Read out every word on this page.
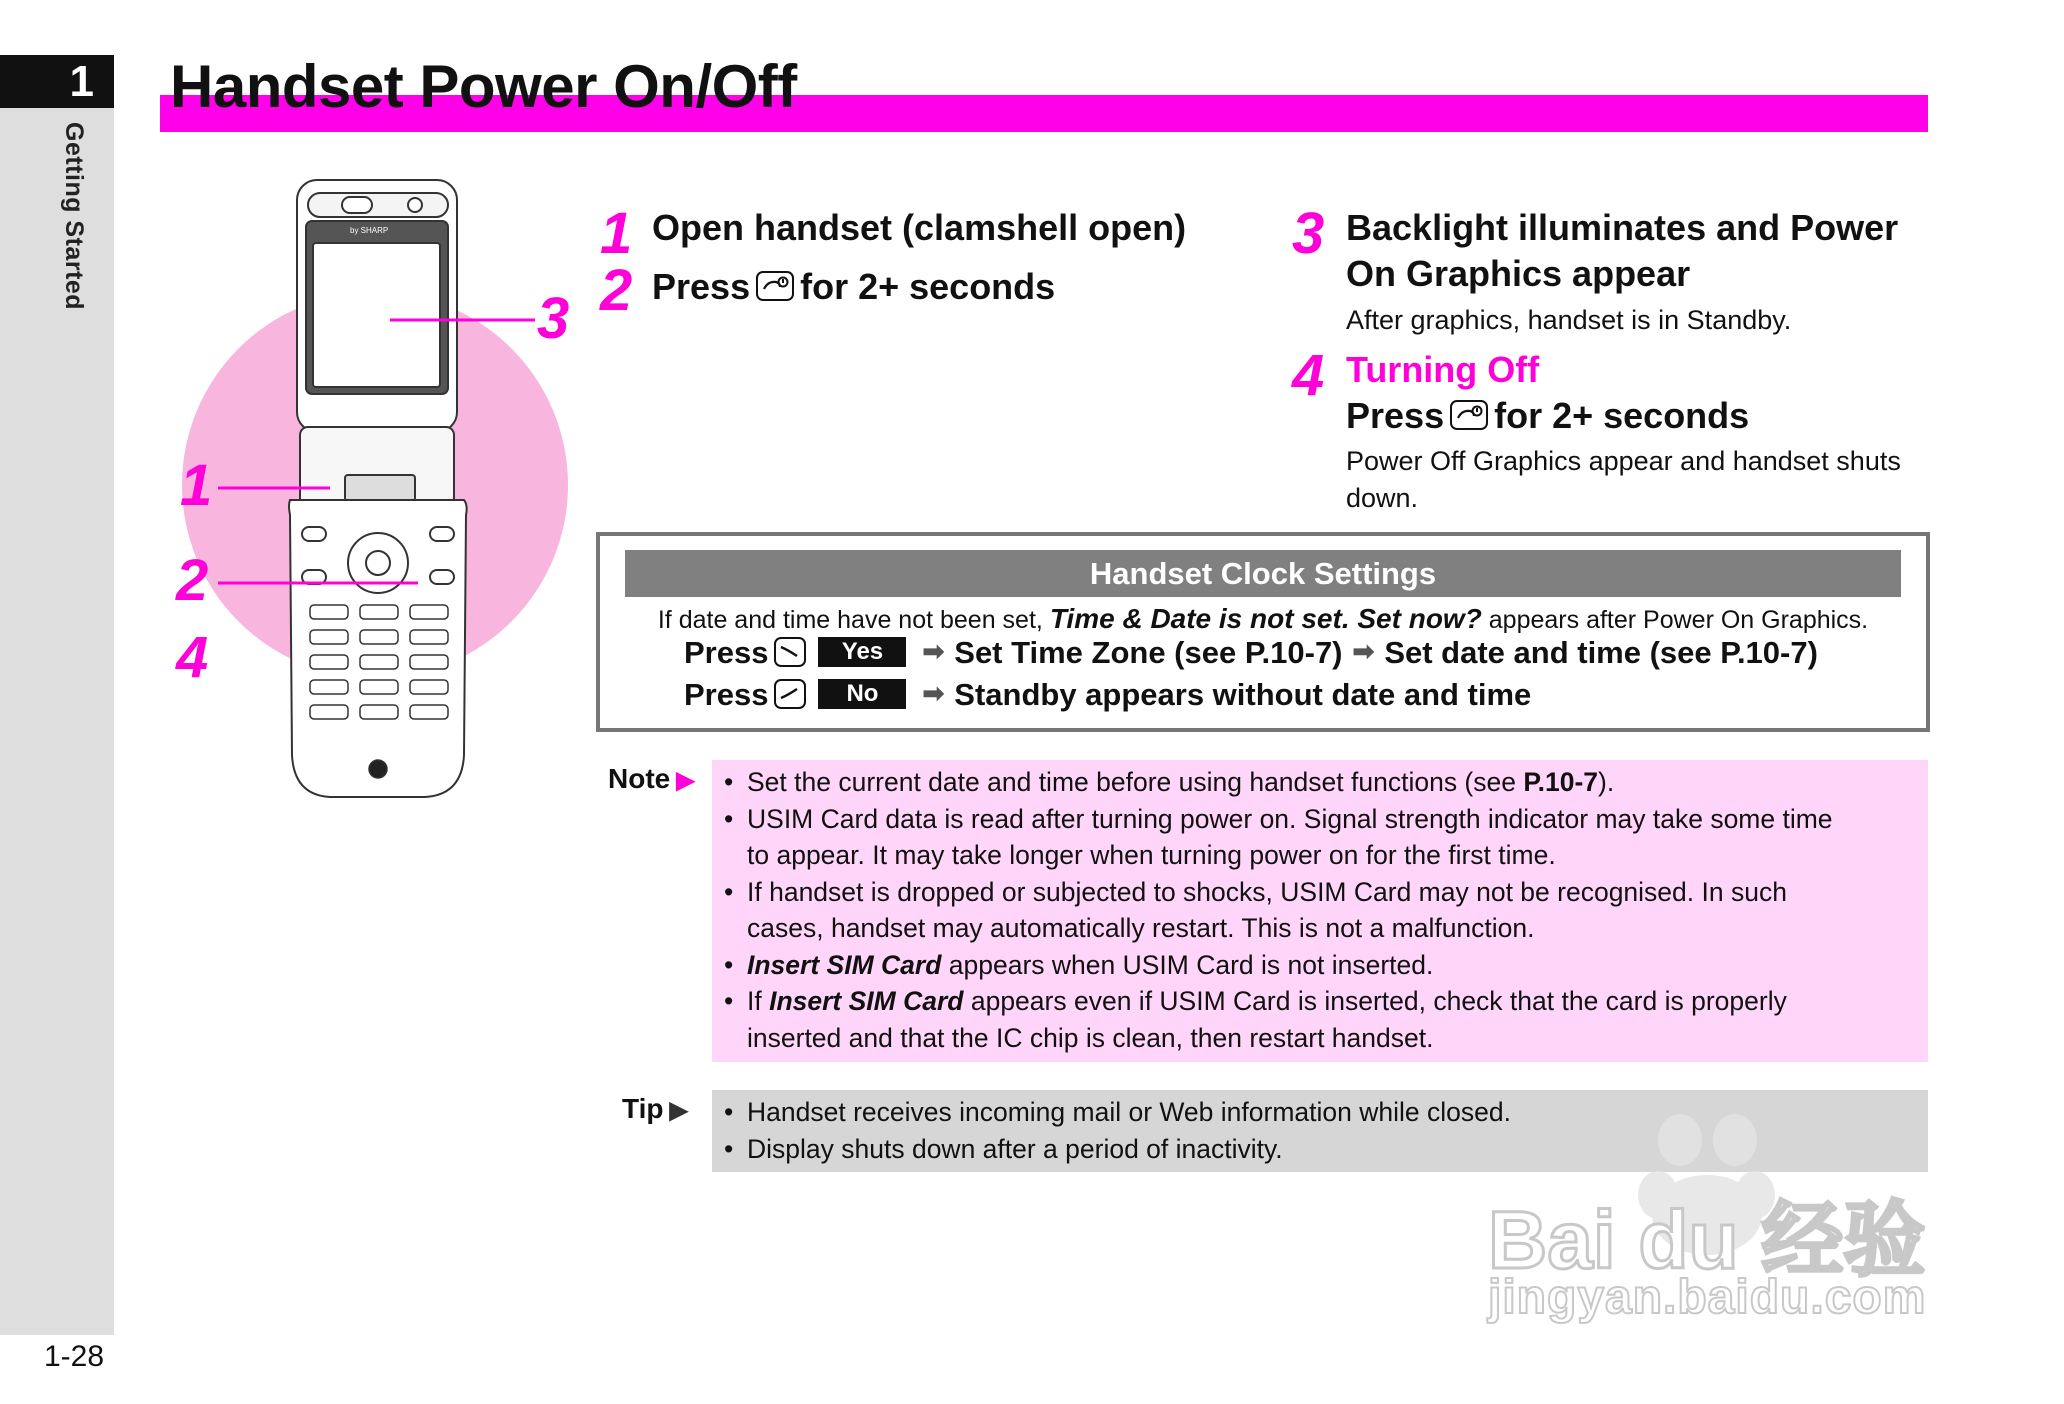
1
Getting Started
1-28
Handset Power On/Off
3
1
2
4
by SHARP	1 Open handset (clamshell open)
2 Press for 2+ seconds
3 Backlight illuminates and Power
On Graphics appear
After graphics, handset is in Standby.
4 Turning Off
Press for 2+ seconds
Power Off Graphics appear and handset shuts
down.
Handset Clock Settings
If date and time have not been set, Time & Date is not set. Set now? appears after Power On Graphics.
Press	Yes ➡ Set Time Zone (see P.10-7) ➡ Set date and time (see P.10-7)
Press	No ➡ Standby appears without date and time
Note ▶	• Set the current date and time before using handset functions (see P.10-7).
• USIM Card data is read after turning power on. Signal strength indicator may take some time
to appear. It may take longer when turning power on for the first time.
• If handset is dropped or subjected to shocks, USIM Card may not be recognised. In such
cases, handset may automatically restart. This is not a malfunction.
• Insert SIM Card appears when USIM Card is not inserted.
• If Insert SIM Card appears even if USIM Card is inserted, check that the card is properly
inserted and that the IC chip is clean, then restart handset.
Tip ▶	• Handset receives incoming mail or Web information while closed.
• Display shuts down after a period of inactivity.
Bai du 经验
jingyan.baidu.com
